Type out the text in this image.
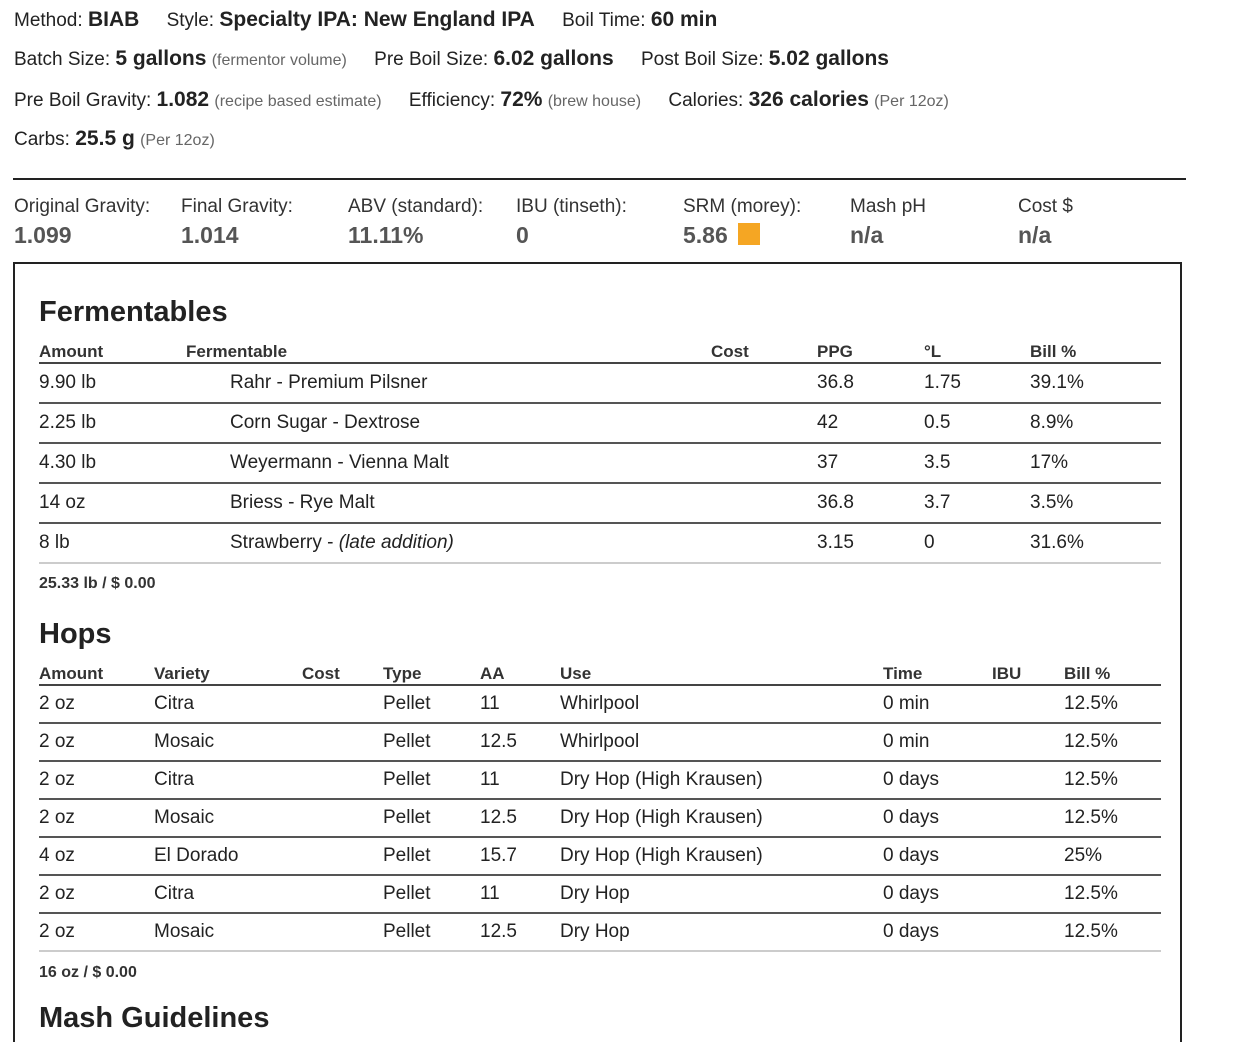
Method: BIAB Style: Specialty IPA: New England IPA Boil Time: 60 min
Batch Size: 5 gallons (fermentor volume) Pre Boil Size: 6.02 gallons Post Boil Size: 5.02 gallons
Pre Boil Gravity: 1.082 (recipe based estimate) Efficiency: 72% (brew house) Calories: 326 calories (Per 12oz)
Carbs: 25.5 g (Per 12oz)
Original Gravity:
1.099
Final Gravity:
1.014
ABV (standard):
11.11%
IBU (tinseth):
0
SRM (morey):
5.86
Mash pH
n/a
Cost $
n/a
Fermentables
Amount	Fermentable	Cost	PPG	°L	Bill %
9.90 lb	Rahr - Premium Pilsner		36.8	1.75	39.1%
2.25 lb	Corn Sugar - Dextrose		42	0.5	8.9%
4.30 lb	Weyermann - Vienna Malt		37	3.5	17%
14 oz	Briess - Rye Malt		36.8	3.7	3.5%
8 lb	Strawberry - (late addition)		3.15	0	31.6%
25.33 lb / $ 0.00
Hops
Amount	Variety	Cost	Type	AA	Use	Time	IBU	Bill %
2 oz	Citra		Pellet	11	Whirlpool	0 min		12.5%
2 oz	Mosaic		Pellet	12.5	Whirlpool	0 min		12.5%
2 oz	Citra		Pellet	11	Dry Hop (High Krausen)	0 days		12.5%
2 oz	Mosaic		Pellet	12.5	Dry Hop (High Krausen)	0 days		12.5%
4 oz	El Dorado		Pellet	15.7	Dry Hop (High Krausen)	0 days		25%
2 oz	Citra		Pellet	11	Dry Hop	0 days		12.5%
2 oz	Mosaic		Pellet	12.5	Dry Hop	0 days		12.5%
16 oz / $ 0.00
Mash Guidelines
